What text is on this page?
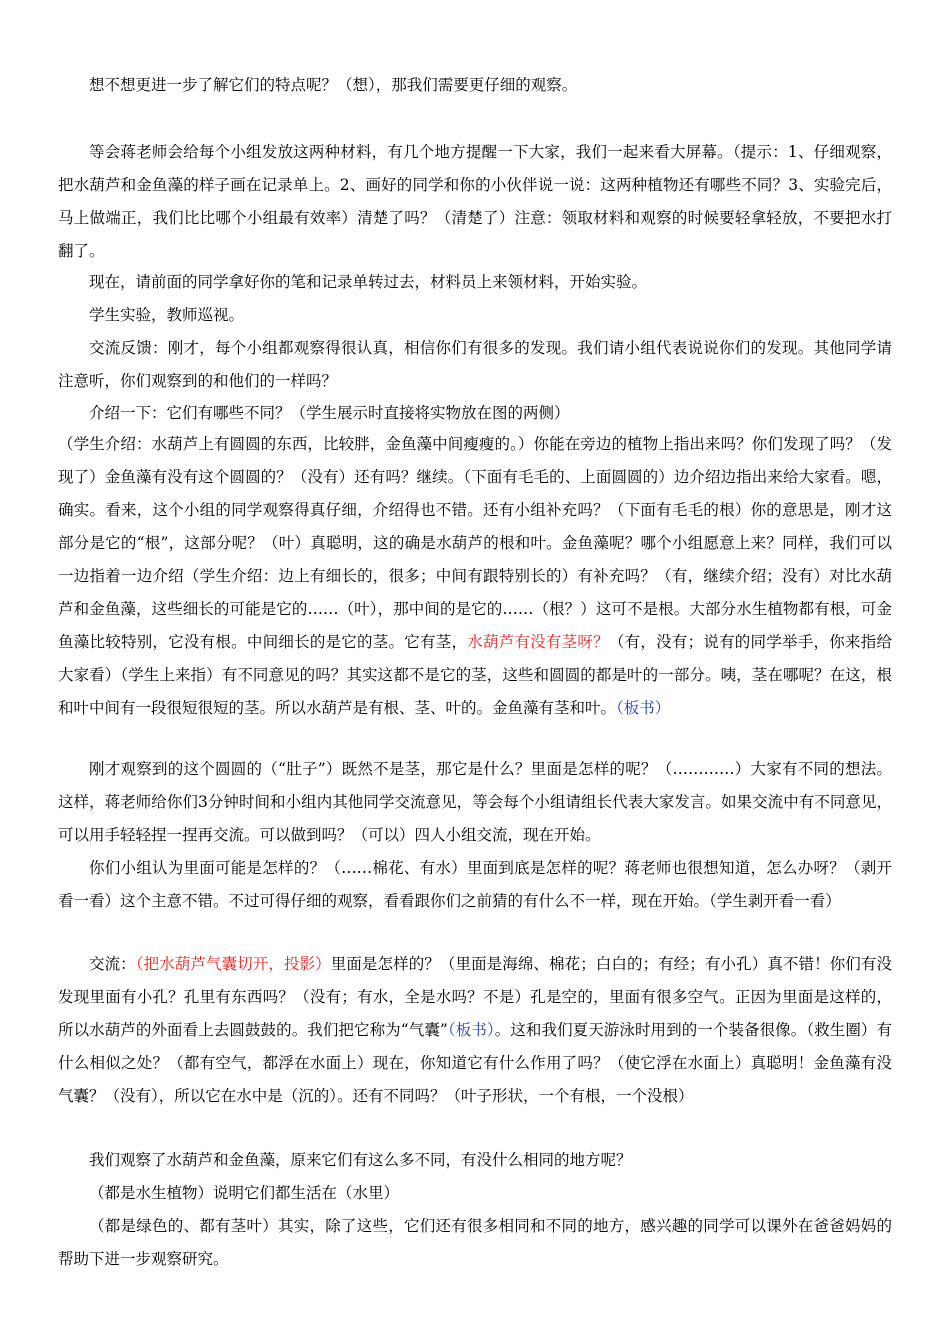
想不想更进一步了解它们的特点呢？（想），那我们需要更仔细的观察。

等会蒋老师会给每个小组发放这两种材料，有几个地方提醒一下大家，我们一起来看大屏幕。（提示：1、仔细观察，把水葫芦和金鱼藻的样子画在记录单上。2、画好的同学和你的小伙伴说一说：这两种植物还有哪些不同？3、实验完后，马上做端正，我们比比哪个小组最有效率）清楚了吗？（清楚了）注意：领取材料和观察的时候要轻拿轻放，不要把水打翻了。

现在，请前面的同学拿好你的笔和记录单转过去，材料员上来领材料，开始实验。

学生实验，教师巡视。

交流反馈：刚才，每个小组都观察得很认真，相信你们有很多的发现。我们请小组代表说说你们的发现。其他同学请注意听，你们观察到的和他们的一样吗？

介绍一下：它们有哪些不同？（学生展示时直接将实物放在图的两侧）

（学生介绍：水葫芦上有圆圆的东西，比较胖，金鱼藻中间瘦瘦的。）你能在旁边的植物上指出来吗？你们发现了吗？（发现了）金鱼藻有没有这个圆圆的？（没有）还有吗？继续。（下面有毛毛的、上面圆圆的）边介绍边指出来给大家看。嗯，确实。看来，这个小组的同学观察得真仔细，介绍得也不错。还有小组补充吗？（下面有毛毛的根）你的意思是，刚才这部分是它的“根”，这部分呢？（叶）真聪明，这的确是水葫芦的根和叶。金鱼藻呢？哪个小组愿意上来？同样，我们可以一边指着一边介绍（学生介绍：边上有细长的，很多；中间有跟特别长的）有补充吗？（有，继续介绍；没有）对比水葫芦和金鱼藻，这些细长的可能是它的……（叶），那中间的是它的……（根？）这可不是根。大部分水生植物都有根，可金鱼藻比较特别，它没有根。中间细长的是它的茎。它有茎，水葫芦有没有茎呀？（有，没有；说有的同学举手，你来指给大家看）（学生上来指）有不同意见的吗？其实这都不是它的茎，这些和圆圆的都是叶的一部分。咦，茎在哪呢？在这，根和叶中间有一段很短很短的茎。所以水葫芦是有根、茎、叶的。金鱼藻有茎和叶。（板书）

刚才观察到的这个圆圆的（“肚子”）既然不是茎，那它是什么？里面是怎样的呢？（…………）大家有不同的想法。这样，蒋老师给你们3分钟时间和小组内其他同学交流意见，等会每个小组请组长代表大家发言。如果交流中有不同意见，可以用手轻轻捏一捏再交流。可以做到吗？（可以）四人小组交流，现在开始。

你们小组认为里面可能是怎样的？（……棉花、有水）里面到底是怎样的呢？蒋老师也很想知道，怎么办呀？（剥开看一看）这个主意不错。不过可得仔细的观察，看看跟你们之前猜的有什么不一样，现在开始。（学生剥开看一看）

交流：（把水葫芦气囊切开，投影）里面是怎样的？（里面是海绵、棉花；白白的；有经；有小孔）真不错！你们有没发现里面有小孔？孔里有东西吗？（没有；有水，全是水吗？不是）孔是空的，里面有很多空气。正因为里面是这样的，所以水葫芦的外面看上去圆鼓鼓的。我们把它称为“气囊”（板书）。这和我们夏天游泳时用到的一个装备很像。（救生圈）有什么相似之处？（都有空气，都浮在水面上）现在，你知道它有什么作用了吗？（使它浮在水面上）真聪明！金鱼藻有没气囊？（没有），所以它在水中是（沉的）。还有不同吗？（叶子形状，一个有根，一个没根）

我们观察了水葫芦和金鱼藻，原来它们有这么多不同，有没什么相同的地方呢？

（都是水生植物）说明它们都生活在（水里）

（都是绿色的、都有茎叶）其实，除了这些，它们还有很多相同和不同的地方，感兴趣的同学可以课外在爸爸妈妈的帮助下进一步观察研究。
